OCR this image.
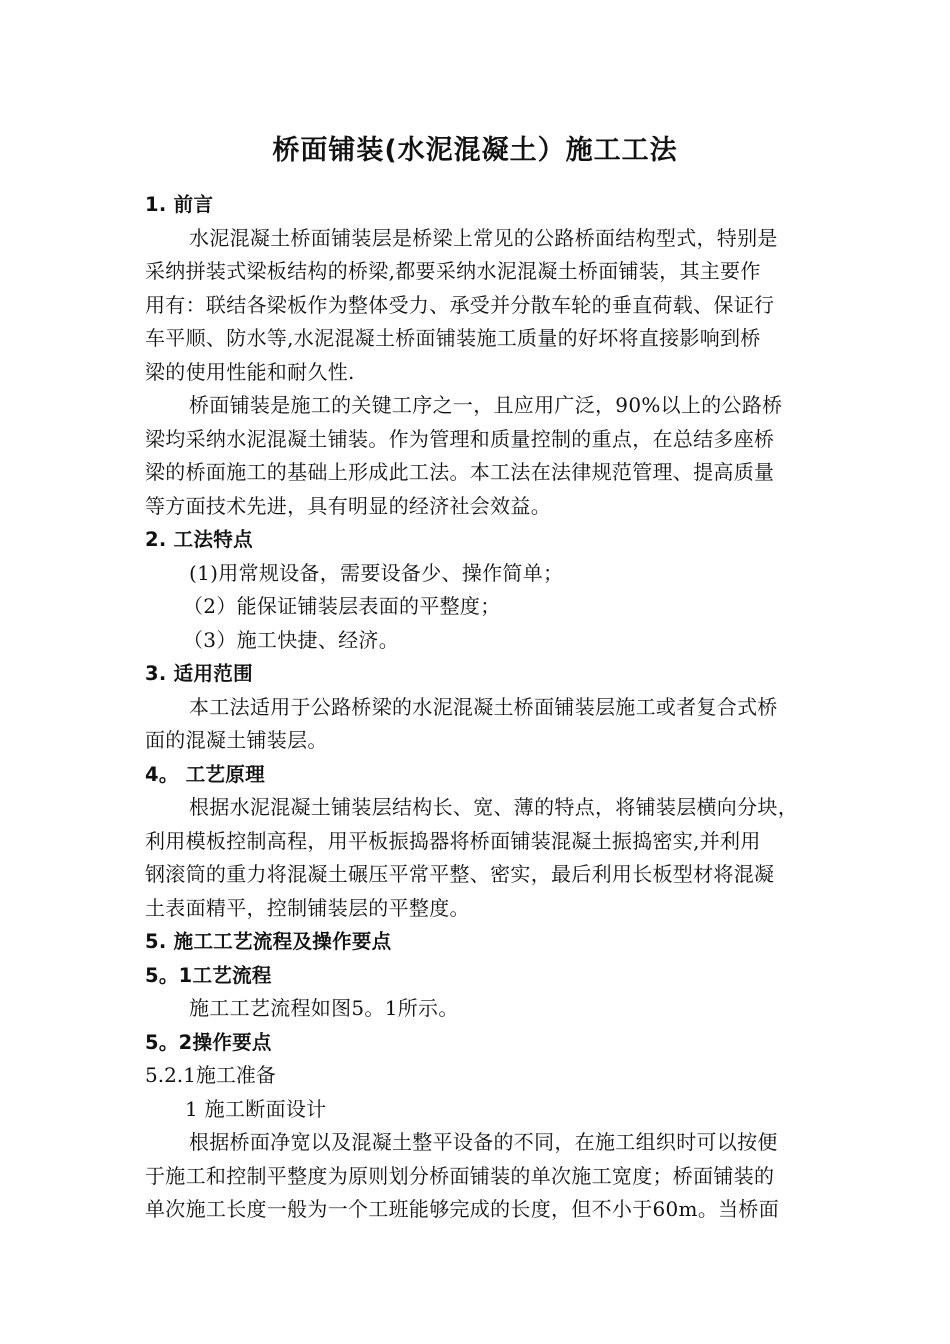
桥面铺装(水泥混凝土）施工工法
1. 前言
水泥混凝土桥面铺装层是桥梁上常见的公路桥面结构型式，特别是
采纳拼装式梁板结构的桥梁,都要采纳水泥混凝土桥面铺装，其主要作
用有：联结各梁板作为整体受力、承受并分散车轮的垂直荷载、保证行
车平顺、防水等,水泥混凝土桥面铺装施工质量的好坏将直接影响到桥
梁的使用性能和耐久性.
桥面铺装是施工的关键工序之一，且应用广泛，90%以上的公路桥
梁均采纳水泥混凝土铺装。作为管理和质量控制的重点，在总结多座桥
梁的桥面施工的基础上形成此工法。本工法在法律规范管理、提高质量
等方面技术先进，具有明显的经济社会效益。
2. 工法特点
(1)用常规设备，需要设备少、操作简单；
（2）能保证铺装层表面的平整度；
（3）施工快捷、经济。
3. 适用范围
本工法适用于公路桥梁的水泥混凝土桥面铺装层施工或者复合式桥
面的混凝土铺装层。
4。 工艺原理
根据水泥混凝土铺装层结构长、宽、薄的特点，将铺装层横向分块，
利用模板控制高程，用平板振捣器将桥面铺装混凝土振捣密实,并利用
钢滚筒的重力将混凝土碾压平常平整、密实，最后利用长板型材将混凝
土表面精平，控制铺装层的平整度。
5. 施工工艺流程及操作要点
5。1工艺流程
施工工艺流程如图5。1所示。
5。2操作要点
5.2.1施工准备
1 施工断面设计
根据桥面净宽以及混凝土整平设备的不同，在施工组织时可以按便
于施工和控制平整度为原则划分桥面铺装的单次施工宽度；桥面铺装的
单次施工长度一般为一个工班能够完成的长度，但不小于60m。当桥面
